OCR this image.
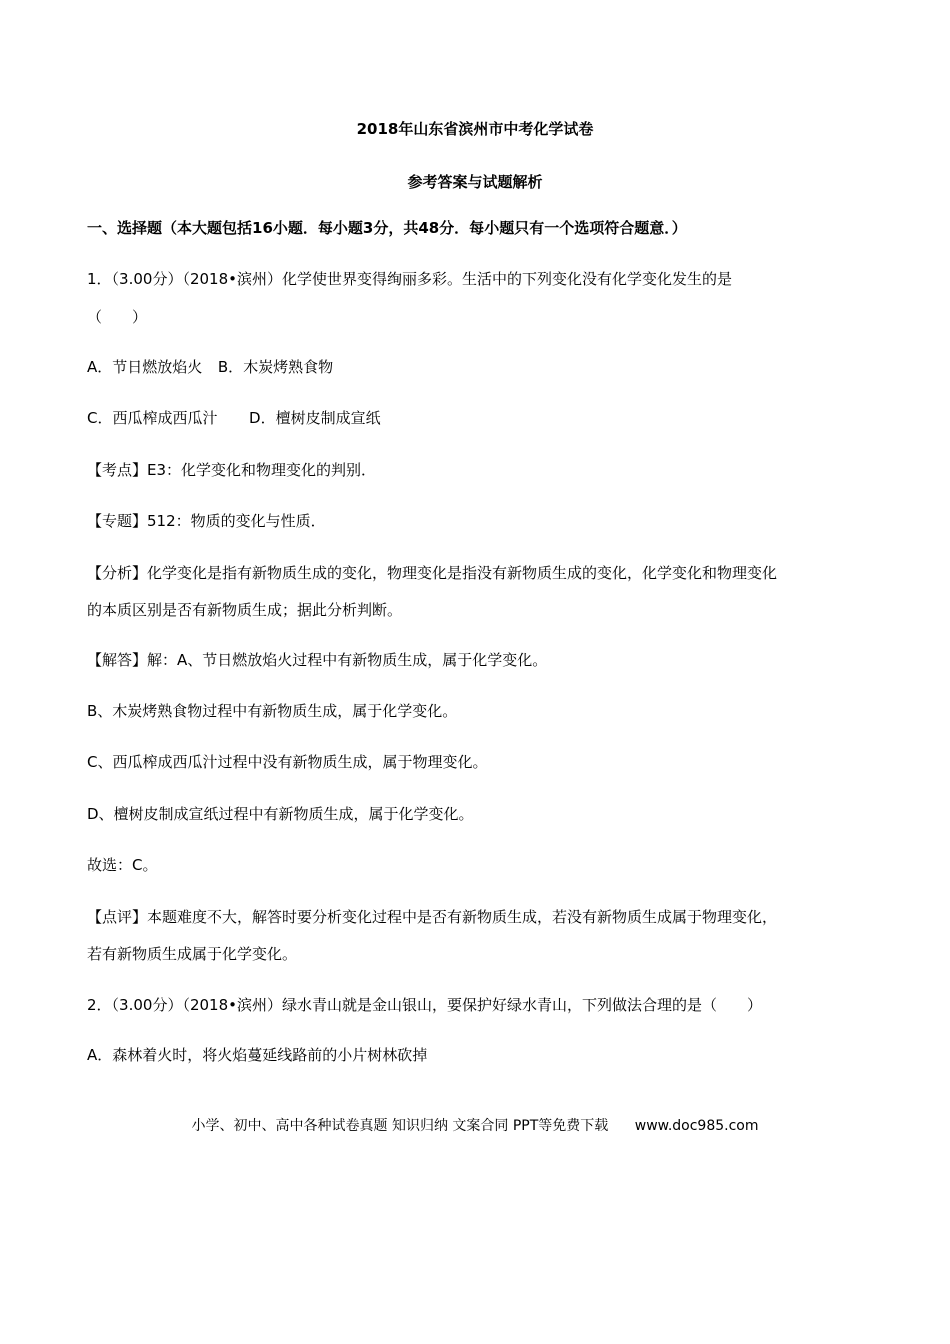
2018年山东省滨州市中考化学试卷
参考答案与试题解析
一、选择题（本大题包括16小题．每小题3分，共48分．每小题只有一个选项符合题意．）
1．（3.00分）（2018•滨州）化学使世界变得绚丽多彩。生活中的下列变化没有化学变化发生的是
（　　）
A．节日燃放焰火 B．木炭烤熟食物
C．西瓜榨成西瓜汁 D．檀树皮制成宣纸
【考点】E3：化学变化和物理变化的判别．
【专题】512：物质的变化与性质．
【分析】化学变化是指有新物质生成的变化，物理变化是指没有新物质生成的变化，化学变化和物理变化
的本质区别是否有新物质生成；据此分析判断。
【解答】解：A、节日燃放焰火过程中有新物质生成，属于化学变化。
B、木炭烤熟食物过程中有新物质生成，属于化学变化。
C、西瓜榨成西瓜汁过程中没有新物质生成，属于物理变化。
D、檀树皮制成宣纸过程中有新物质生成，属于化学变化。
故选：C。
【点评】本题难度不大，解答时要分析变化过程中是否有新物质生成，若没有新物质生成属于物理变化，
若有新物质生成属于化学变化。
2．（3.00分）（2018•滨州）绿水青山就是金山银山，要保护好绿水青山，下列做法合理的是（　　）
A．森林着火时，将火焰蔓延线路前的小片树林砍掉
小学、初中、高中各种试卷真题 知识归纳 文案合同 PPT等免费下载 www.doc985.com
